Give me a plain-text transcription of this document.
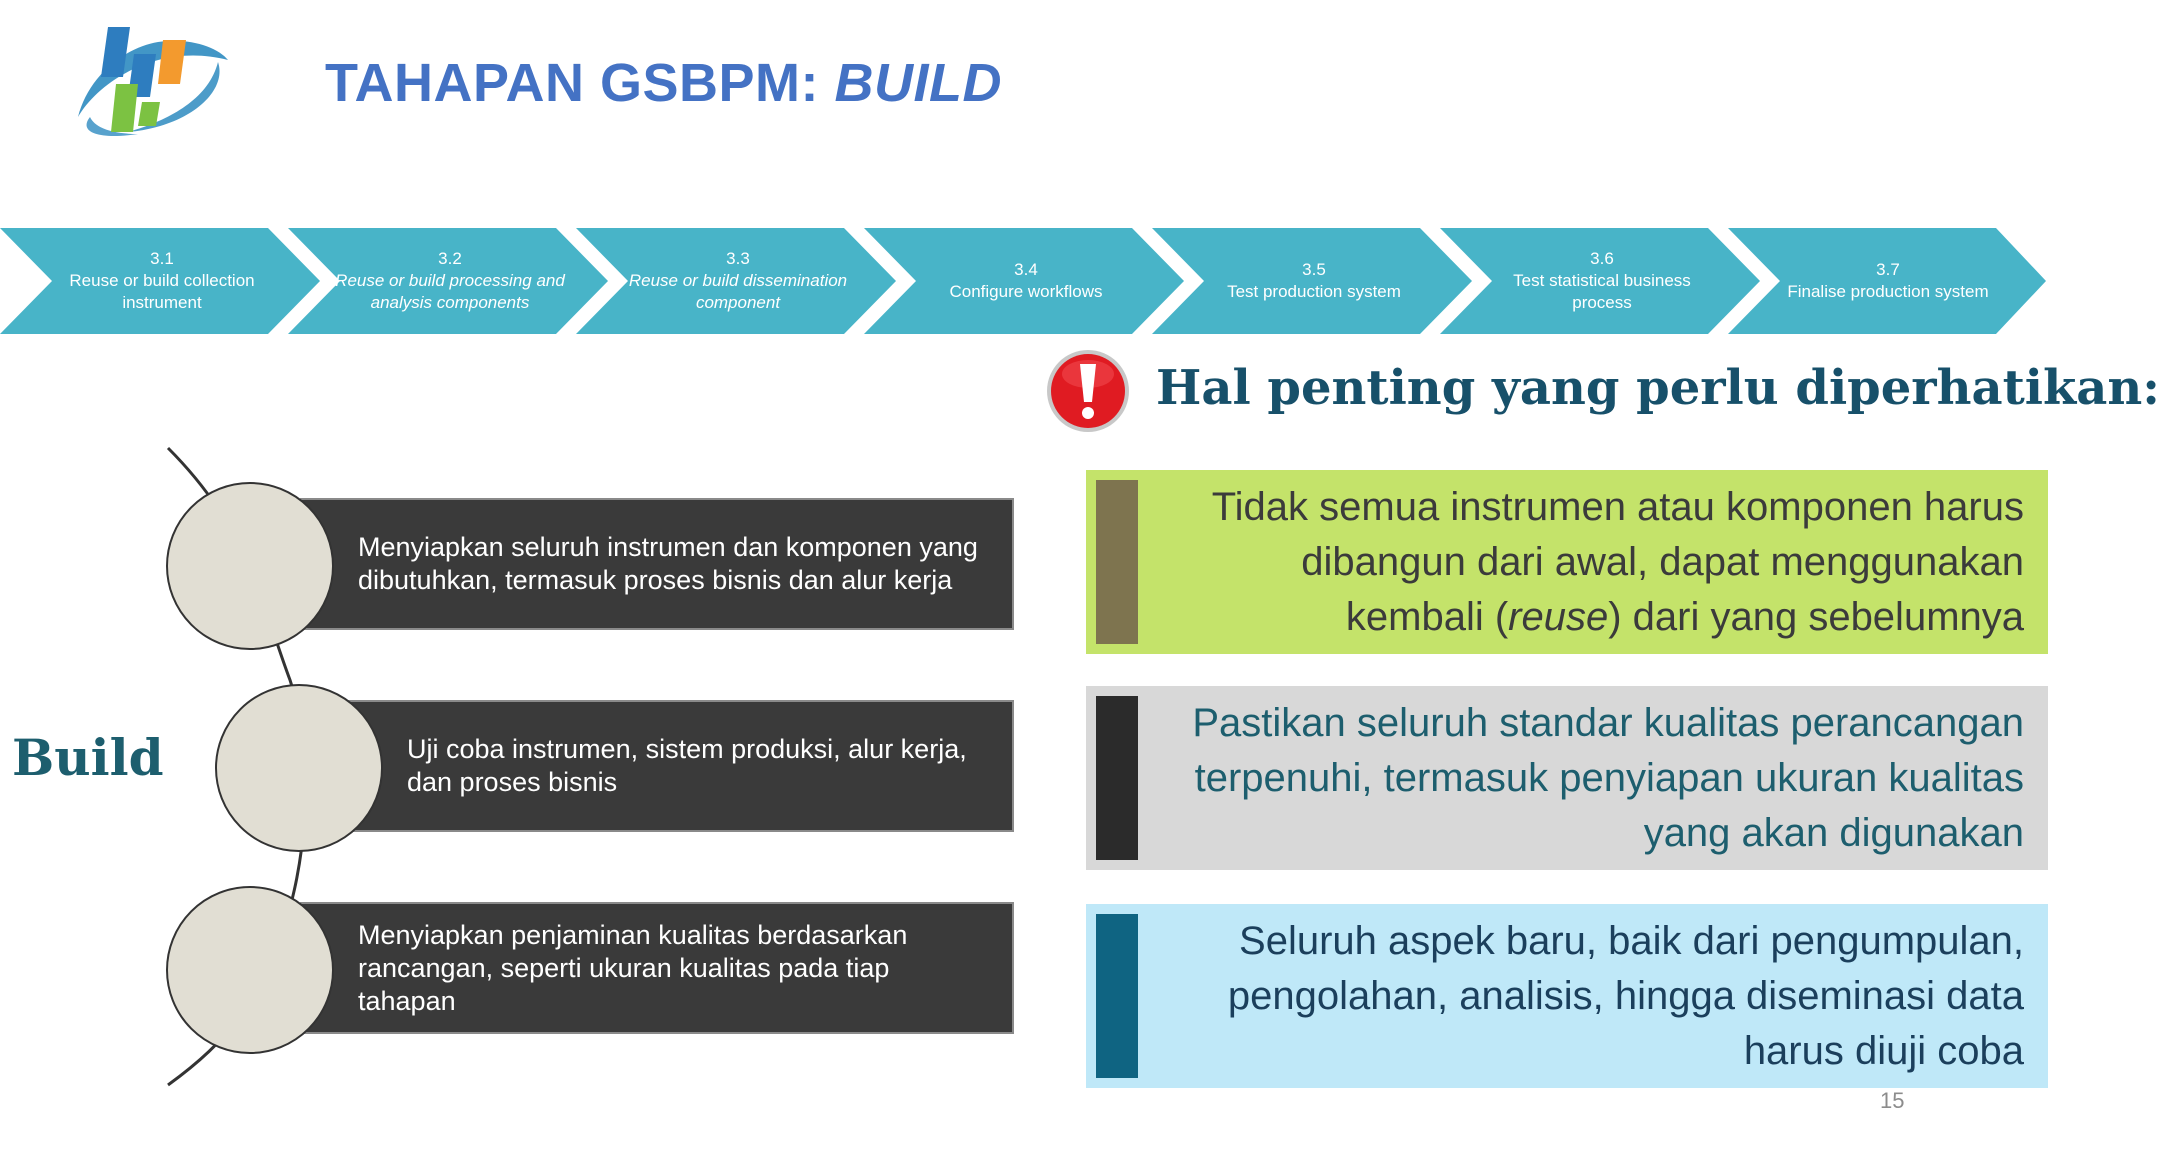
TAHAPAN GSBPM: BUILD
3.1
Reuse or build collection instrument
3.2
Reuse or build processing and analysis components
3.3
Reuse or build dissemination component
3.4
Configure workflows
3.5
Test production system
3.6
Test statistical business process
3.7
Finalise production system
Hal penting yang perlu diperhatikan:
Build
Menyiapkan seluruh instrumen dan komponen yang dibutuhkan, termasuk proses bisnis dan alur kerja
Uji coba instrumen, sistem produksi, alur kerja, dan proses bisnis
Menyiapkan penjaminan kualitas berdasarkan rancangan, seperti ukuran kualitas pada tiap tahapan
Tidak semua instrumen atau komponen harus dibangun dari awal, dapat menggunakan kembali (reuse) dari yang sebelumnya
Pastikan seluruh standar kualitas perancangan terpenuhi, termasuk penyiapan ukuran kualitas yang akan digunakan
Seluruh aspek baru, baik dari pengumpulan, pengolahan, analisis, hingga diseminasi data harus diuji coba
15
